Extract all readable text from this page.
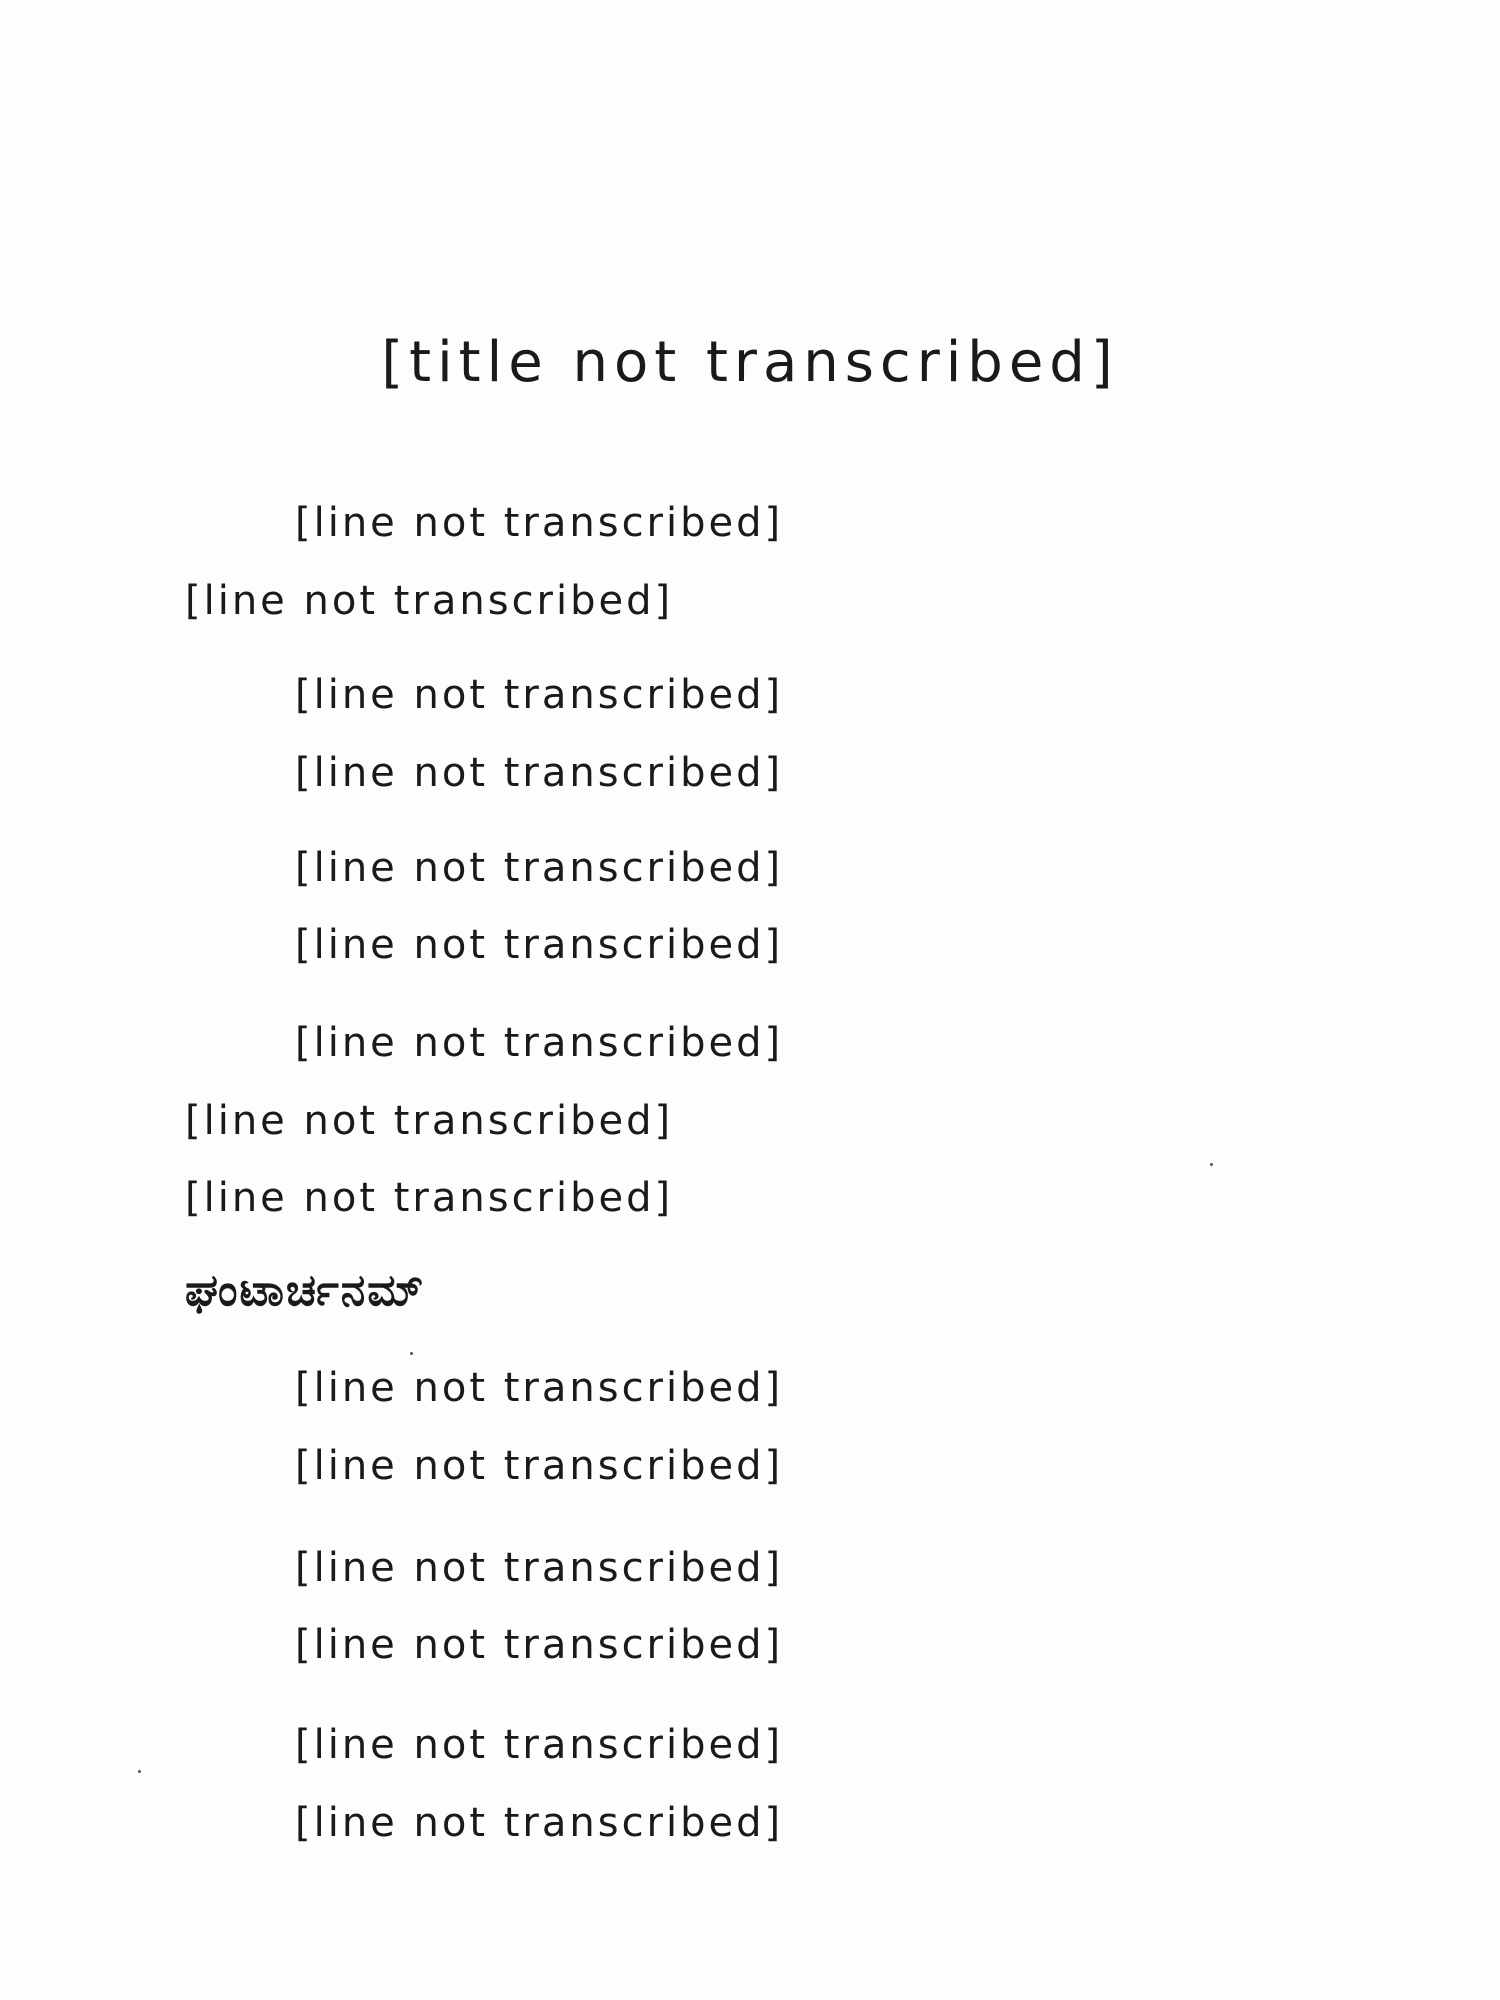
[title not transcribed]
[line not transcribed]
[line not transcribed]
[line not transcribed]
[line not transcribed]
[line not transcribed]
[line not transcribed]
[line not transcribed]
[line not transcribed]
[line not transcribed]
ಘಂಟಾರ್ಚನಮ್
[line not transcribed]
[line not transcribed]
[line not transcribed]
[line not transcribed]
[line not transcribed]
[line not transcribed]
